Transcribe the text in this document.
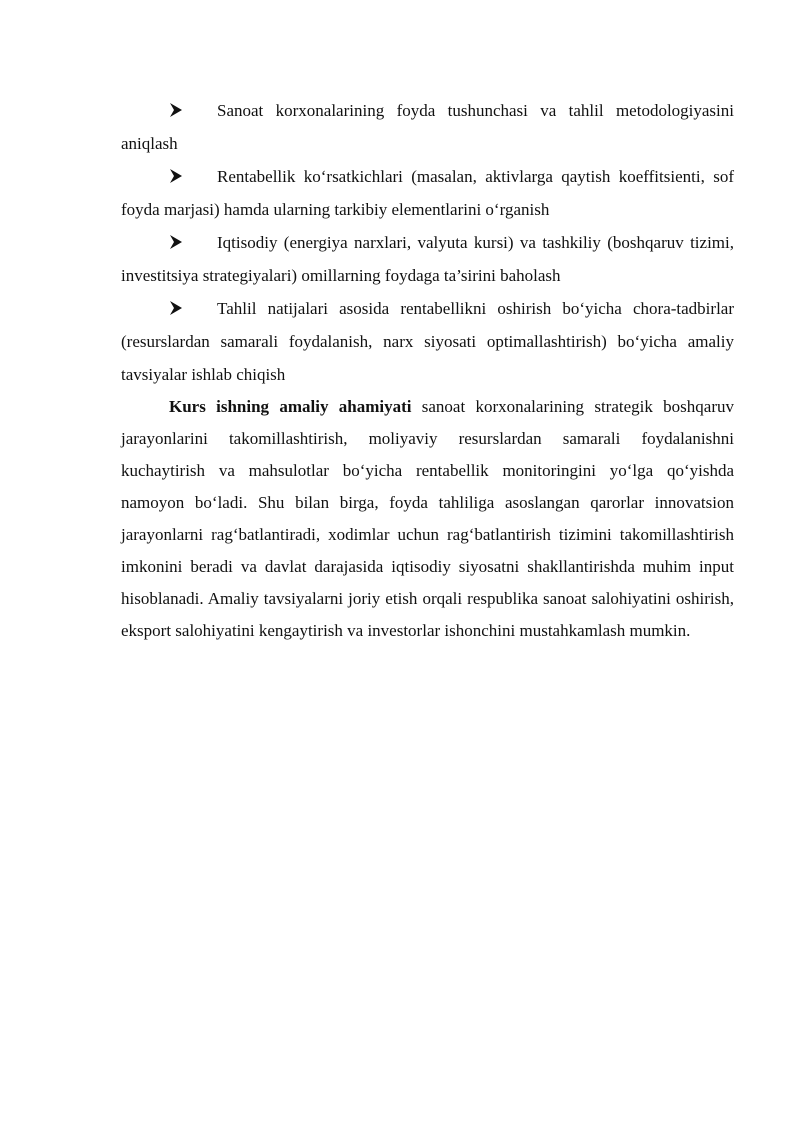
Sanoat korxonalarining foyda tushunchasi va tahlil metodologiyasini aniqlash

Rentabellik ko‘rsatkichlari (masalan, aktivlarga qaytish koeffitsienti, sof foyda marjasi) hamda ularning tarkibiy elementlarini o‘rganish

Iqtisodiy (energiya narxlari, valyuta kursi) va tashkiliy (boshqaruv tizimi, investitsiya strategiyalari) omillarning foydaga ta’sirini baholash

Tahlil natijalari asosida rentabellikni oshirish bo‘yicha chora-tadbirlar (resurslardan samarali foydalanish, narx siyosati optimallashtirish) bo‘yicha amaliy tavsiyalar ishlab chiqish

Kurs ishning amaliy ahamiyati sanoat korxonalarining strategik boshqaruv jarayonlarini takomillashtirish, moliyaviy resurslardan samarali foydalanishni kuchaytirish va mahsulotlar bo‘yicha rentabellik monitoringini yo‘lga qo‘yishda namoyon bo‘ladi. Shu bilan birga, foyda tahliliga asoslangan qarorlar innovatsion jarayonlarni rag‘batlantiradi, xodimlar uchun rag‘batlantirish tizimini takomillashtirish imkonini beradi va davlat darajasida iqtisodiy siyosatni shakllantirishda muhim input hisoblanadi. Amaliy tavsiyalarni joriy etish orqali respublika sanoat salohiyatini oshirish, eksport salohiyatini kengaytirish va investorlar ishonchini mustahkamlash mumkin.
